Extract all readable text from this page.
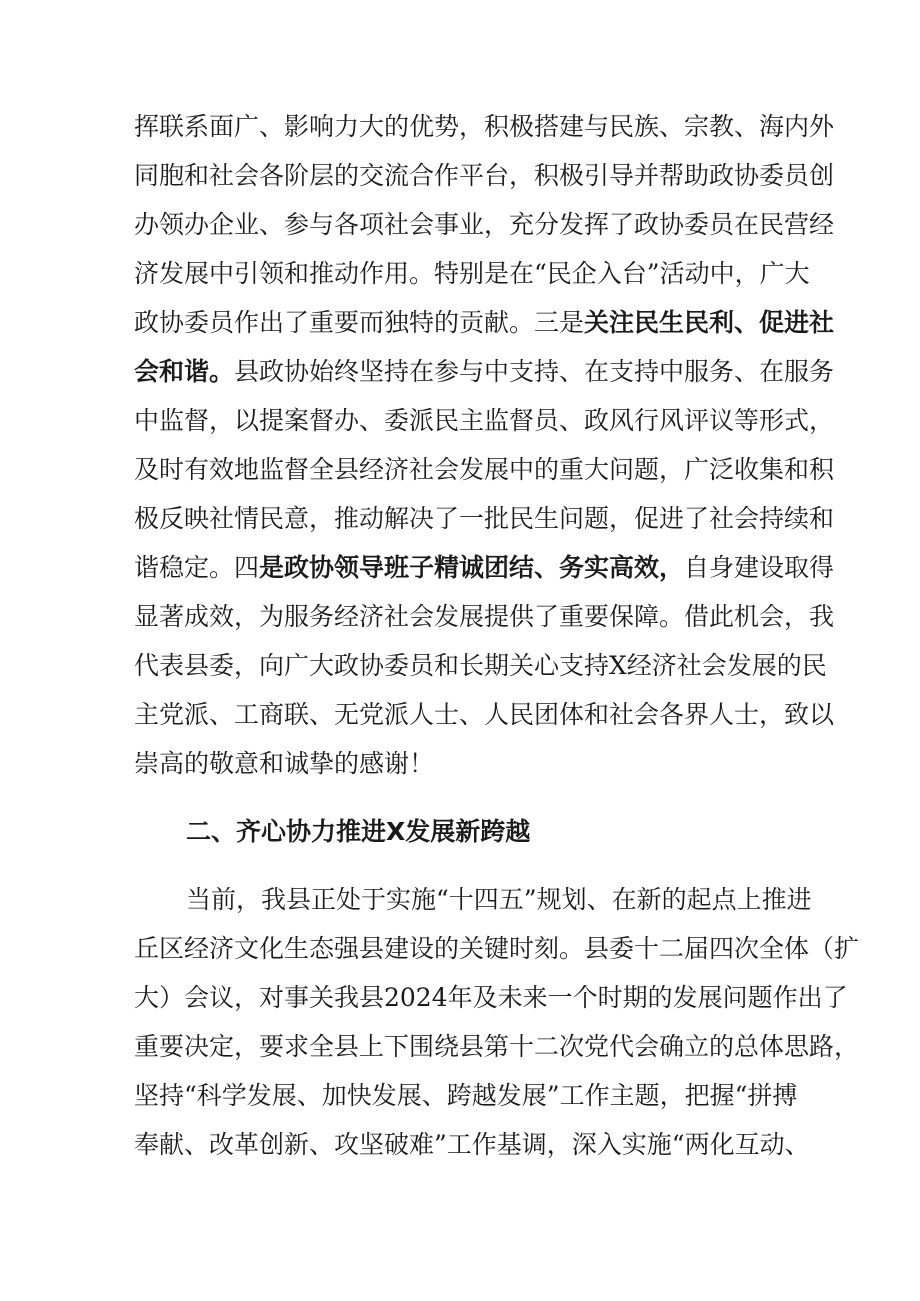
挥联系面广、影响力大的优势，积极搭建与民族、宗教、海内外
同胞和社会各阶层的交流合作平台，积极引导并帮助政协委员创
办领办企业、参与各项社会事业，充分发挥了政协委员在民营经
济发展中引领和推动作用。特别是在“民企入台”活动中，广大
政协委员作出了重要而独特的贡献。三是关注民生民利、促进社
会和谐。县政协始终坚持在参与中支持、在支持中服务、在服务
中监督，以提案督办、委派民主监督员、政风行风评议等形式，
及时有效地监督全县经济社会发展中的重大问题，广泛收集和积
极反映社情民意，推动解决了一批民生问题，促进了社会持续和
谐稳定。四是政协领导班子精诚团结、务实高效，自身建设取得
显著成效，为服务经济社会发展提供了重要保障。借此机会，我
代表县委，向广大政协委员和长期关心支持X经济社会发展的民
主党派、工商联、无党派人士、人民团体和社会各界人士，致以
崇高的敬意和诚挚的感谢！
二、齐心协力推进X发展新跨越
当前，我县正处于实施“十四五”规划、在新的起点上推进
丘区经济文化生态强县建设的关键时刻。县委十二届四次全体（扩
大）会议，对事关我县2024年及未来一个时期的发展问题作出了
重要决定，要求全县上下围绕县第十二次党代会确立的总体思路，
坚持“科学发展、加快发展、跨越发展”工作主题，把握“拼搏
奉献、改革创新、攻坚破难”工作基调，深入实施“两化互动、
